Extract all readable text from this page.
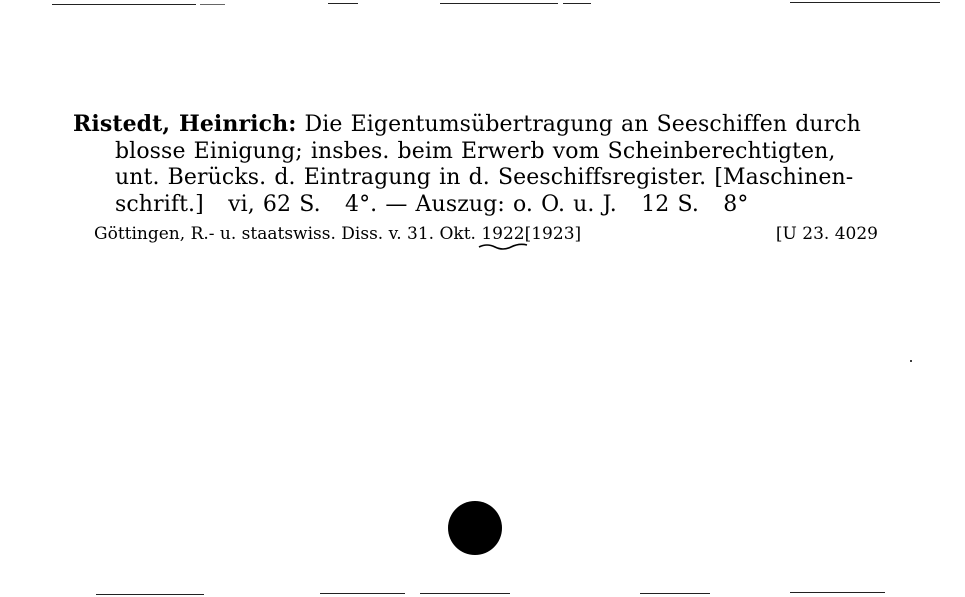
Ristedt, Heinrich: Die Eigentumsübertragung an Seeschiffen durch
blosse Einigung; insbes. beim Erwerb vom Scheinberechtigten,
unt. Berücks. d. Eintragung in d. Seeschiffsregister. [Maschinen-
schrift.] vi, 62 S. 4°. — Auszug: o. O. u. J. 12 S. 8°
Göttingen, R.- u. staatswiss. Diss. v. 31. Okt. 1922
[1923]	[U 23. 4029
